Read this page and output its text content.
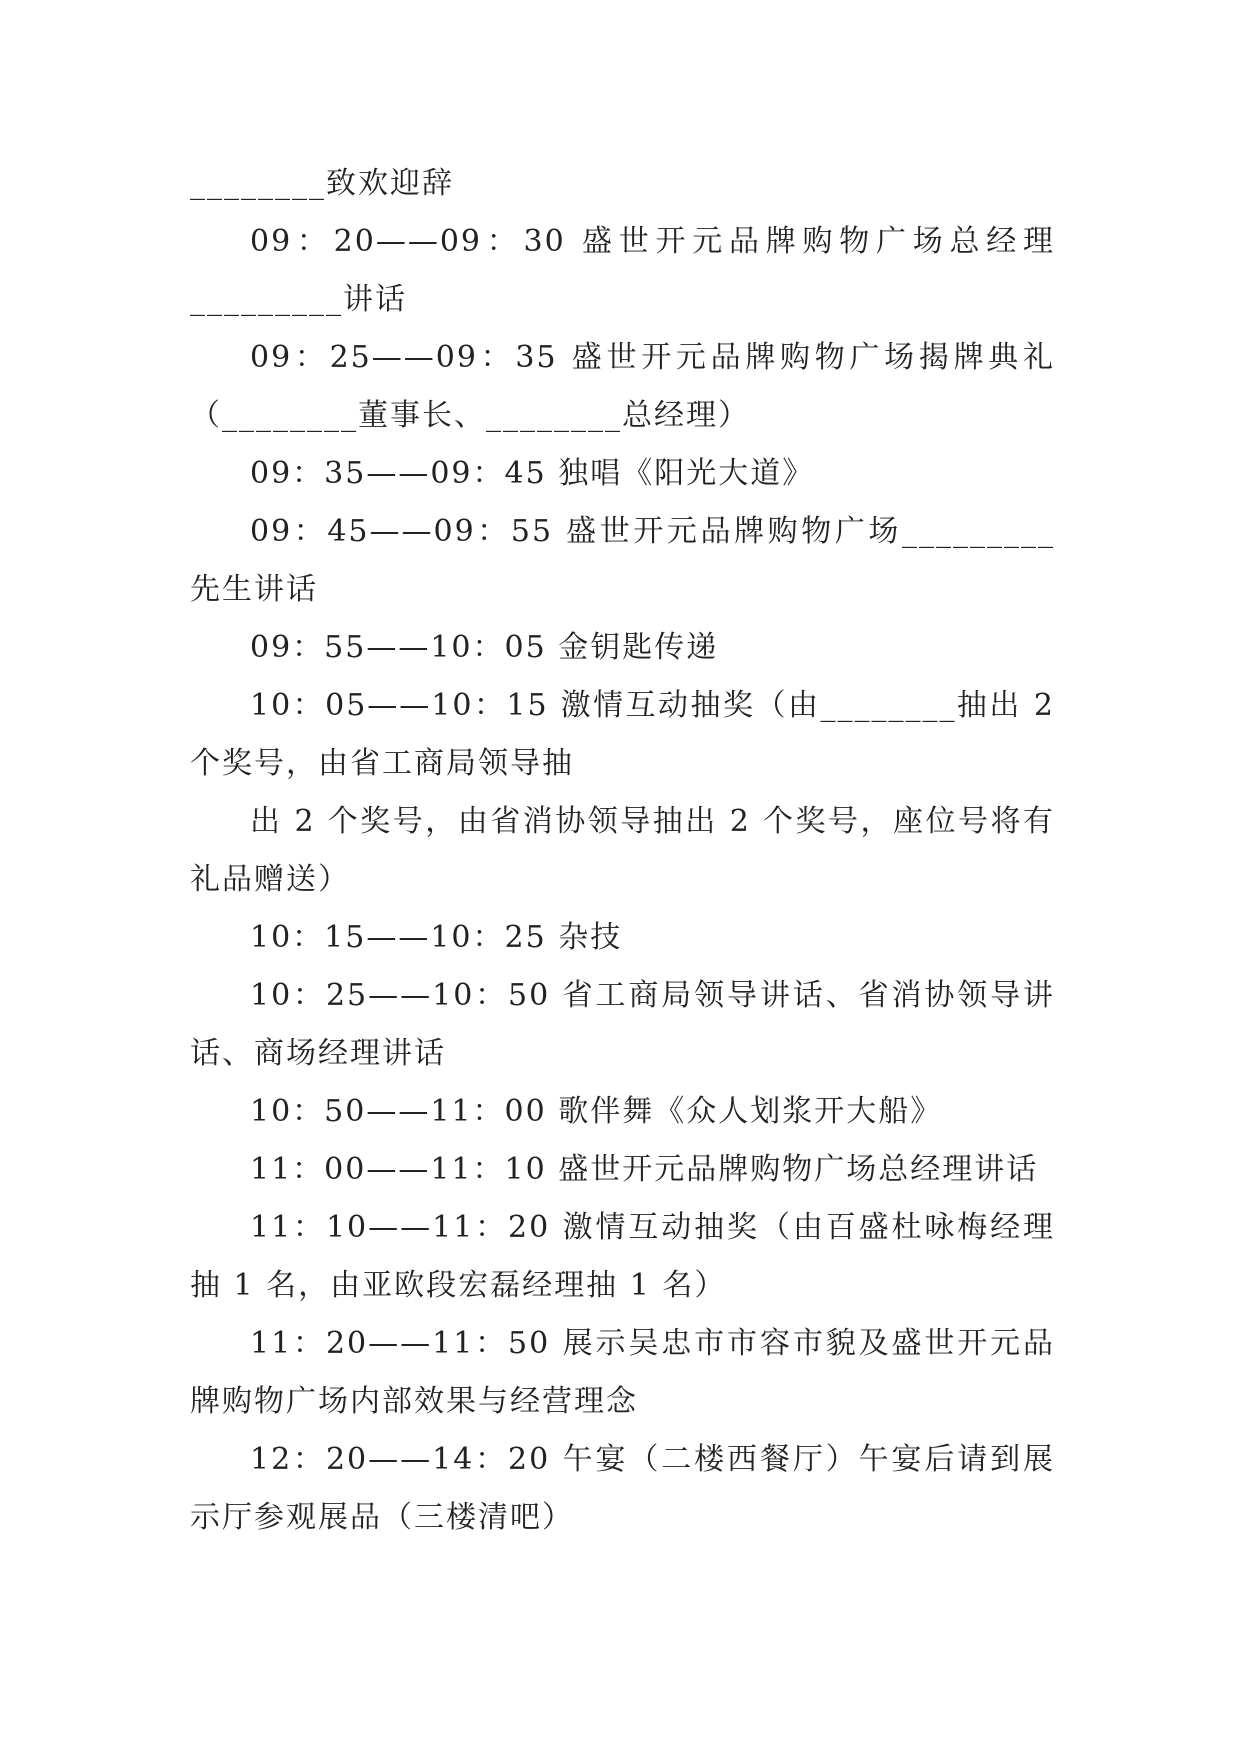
________致欢迎辞

09：20——09：30 盛世开元品牌购物广场总经理_________讲话

09：25——09：35 盛世开元品牌购物广场揭牌典礼（________董事长、________总经理）

09：35——09：45 独唱《阳光大道》

09：45——09：55 盛世开元品牌购物广场_________先生讲话

09：55——10：05 金钥匙传递

10：05——10：15 激情互动抽奖（由________抽出 2 个奖号，由省工商局领导抽

出 2 个奖号，由省消协领导抽出 2 个奖号，座位号将有礼品赠送）

10：15——10：25 杂技

10：25——10：50 省工商局领导讲话、省消协领导讲话、商场经理讲话

10：50——11：00 歌伴舞《众人划浆开大船》

11：00——11：10 盛世开元品牌购物广场总经理讲话

11：10——11：20 激情互动抽奖（由百盛杜咏梅经理抽 1 名，由亚欧段宏磊经理抽 1 名）

11：20——11：50 展示吴忠市市容市貌及盛世开元品牌购物广场内部效果与经营理念

12：20——14：20 午宴（二楼西餐厅）午宴后请到展示厅参观展品（三楼清吧）
